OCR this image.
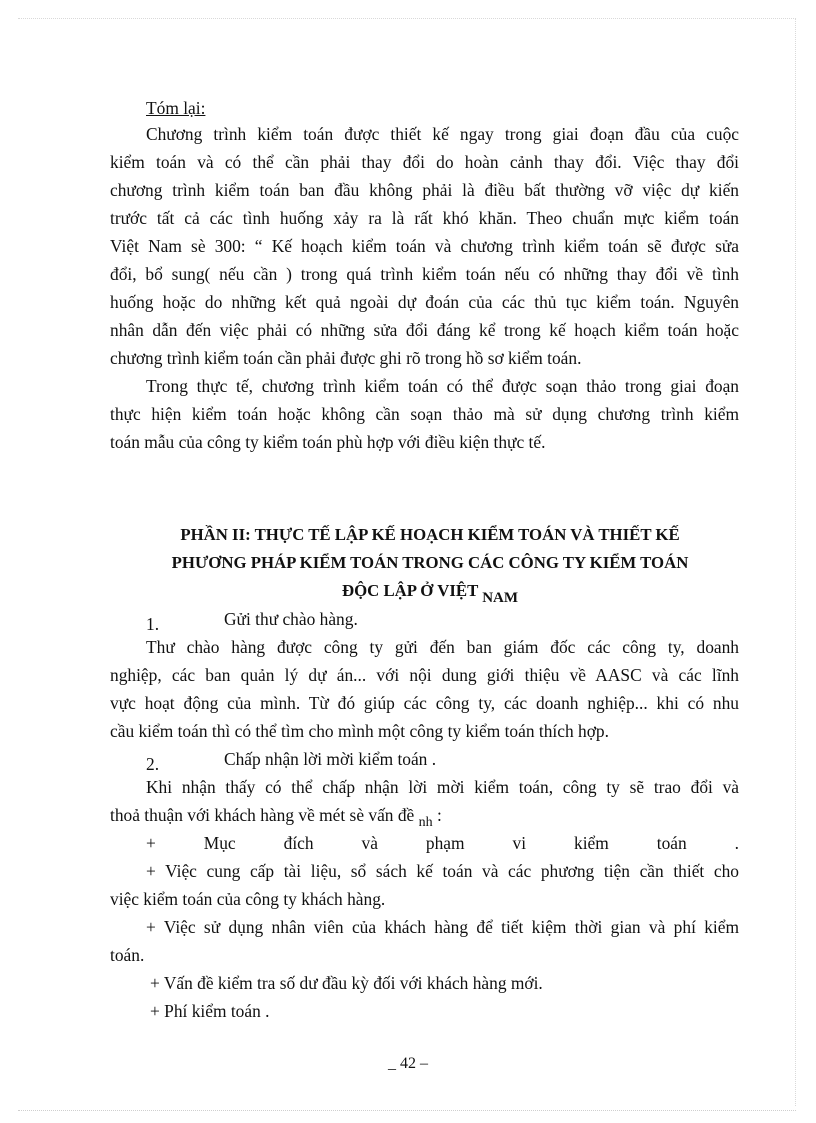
Tóm lại:
Chương trình kiểm toán được thiết kế ngay trong giai đoạn đầu của cuộc
kiểm toán và có thể cần phải thay đổi do hoàn cảnh thay đổi. Việc thay đổi
chương trình kiểm toán ban đầu không phải là điều bất thường vỡ việc dự kiến
trước tất cả các tình huống xảy ra là rất khó khăn. Theo chuẩn mực kiểm toán
Việt Nam sè 300: “ Kế hoạch kiểm toán và chương trình kiểm toán sẽ được sửa
đổi, bổ sung( nếu cần ) trong quá trình kiểm toán nếu có những thay đổi về tình
huống hoặc do những kết quả ngoài dự đoán của các thủ tục kiểm toán. Nguyên
nhân dẫn đến việc phải có những sửa đổi đáng kể trong kế hoạch kiểm toán hoặc
chương trình kiểm toán cần phải được ghi rõ trong hồ sơ kiểm toán.
Trong thực tế, chương trình kiểm toán có thể được soạn thảo trong giai đoạn
thực hiện kiểm toán hoặc không cần soạn thảo mà sử dụng chương trình kiểm
toán mẫu của công ty kiểm toán phù hợp với điều kiện thực tế.
PHẦN II: THỰC TẾ LẬP KẾ HOẠCH KIỂM TOÁN VÀ THIẾT KẾ
PHƯƠNG PHÁP KIỂM TOÁN TRONG CÁC CÔNG TY KIỂM TOÁN
ĐỘC LẬP Ở VIỆT NAM
1.	Gửi thư chào hàng.
Thư chào hàng được công ty gửi đến ban giám đốc các công ty, doanh
nghiệp, các ban quản lý dự án... với nội dung giới thiệu về AASC và các lĩnh
vực hoạt động của mình. Từ đó giúp các công ty, các doanh nghiệp... khi có nhu
cầu kiểm toán thì có thể tìm cho mình một công ty kiểm toán thích hợp.
2.	Chấp nhận lời mời kiểm toán .
Khi nhận thấy có thể chấp nhận lời mời kiểm toán, công ty sẽ trao đổi và
thoả thuận với khách hàng về mét sè vấn đề $_{nh}$ :
+ Mục đích và phạm vi kiểm toán .
+ Việc cung cấp tài liệu, sổ sách kế toán và các phương tiện cần thiết cho
việc kiểm toán của công ty khách hàng.
+ Việc sử dụng nhân viên của khách hàng để tiết kiệm thời gian và phí kiểm
toán.
+ Vấn đề kiểm tra số dư đầu kỳ đối với khách hàng mới.
+ Phí kiểm toán .
_ 42 –
